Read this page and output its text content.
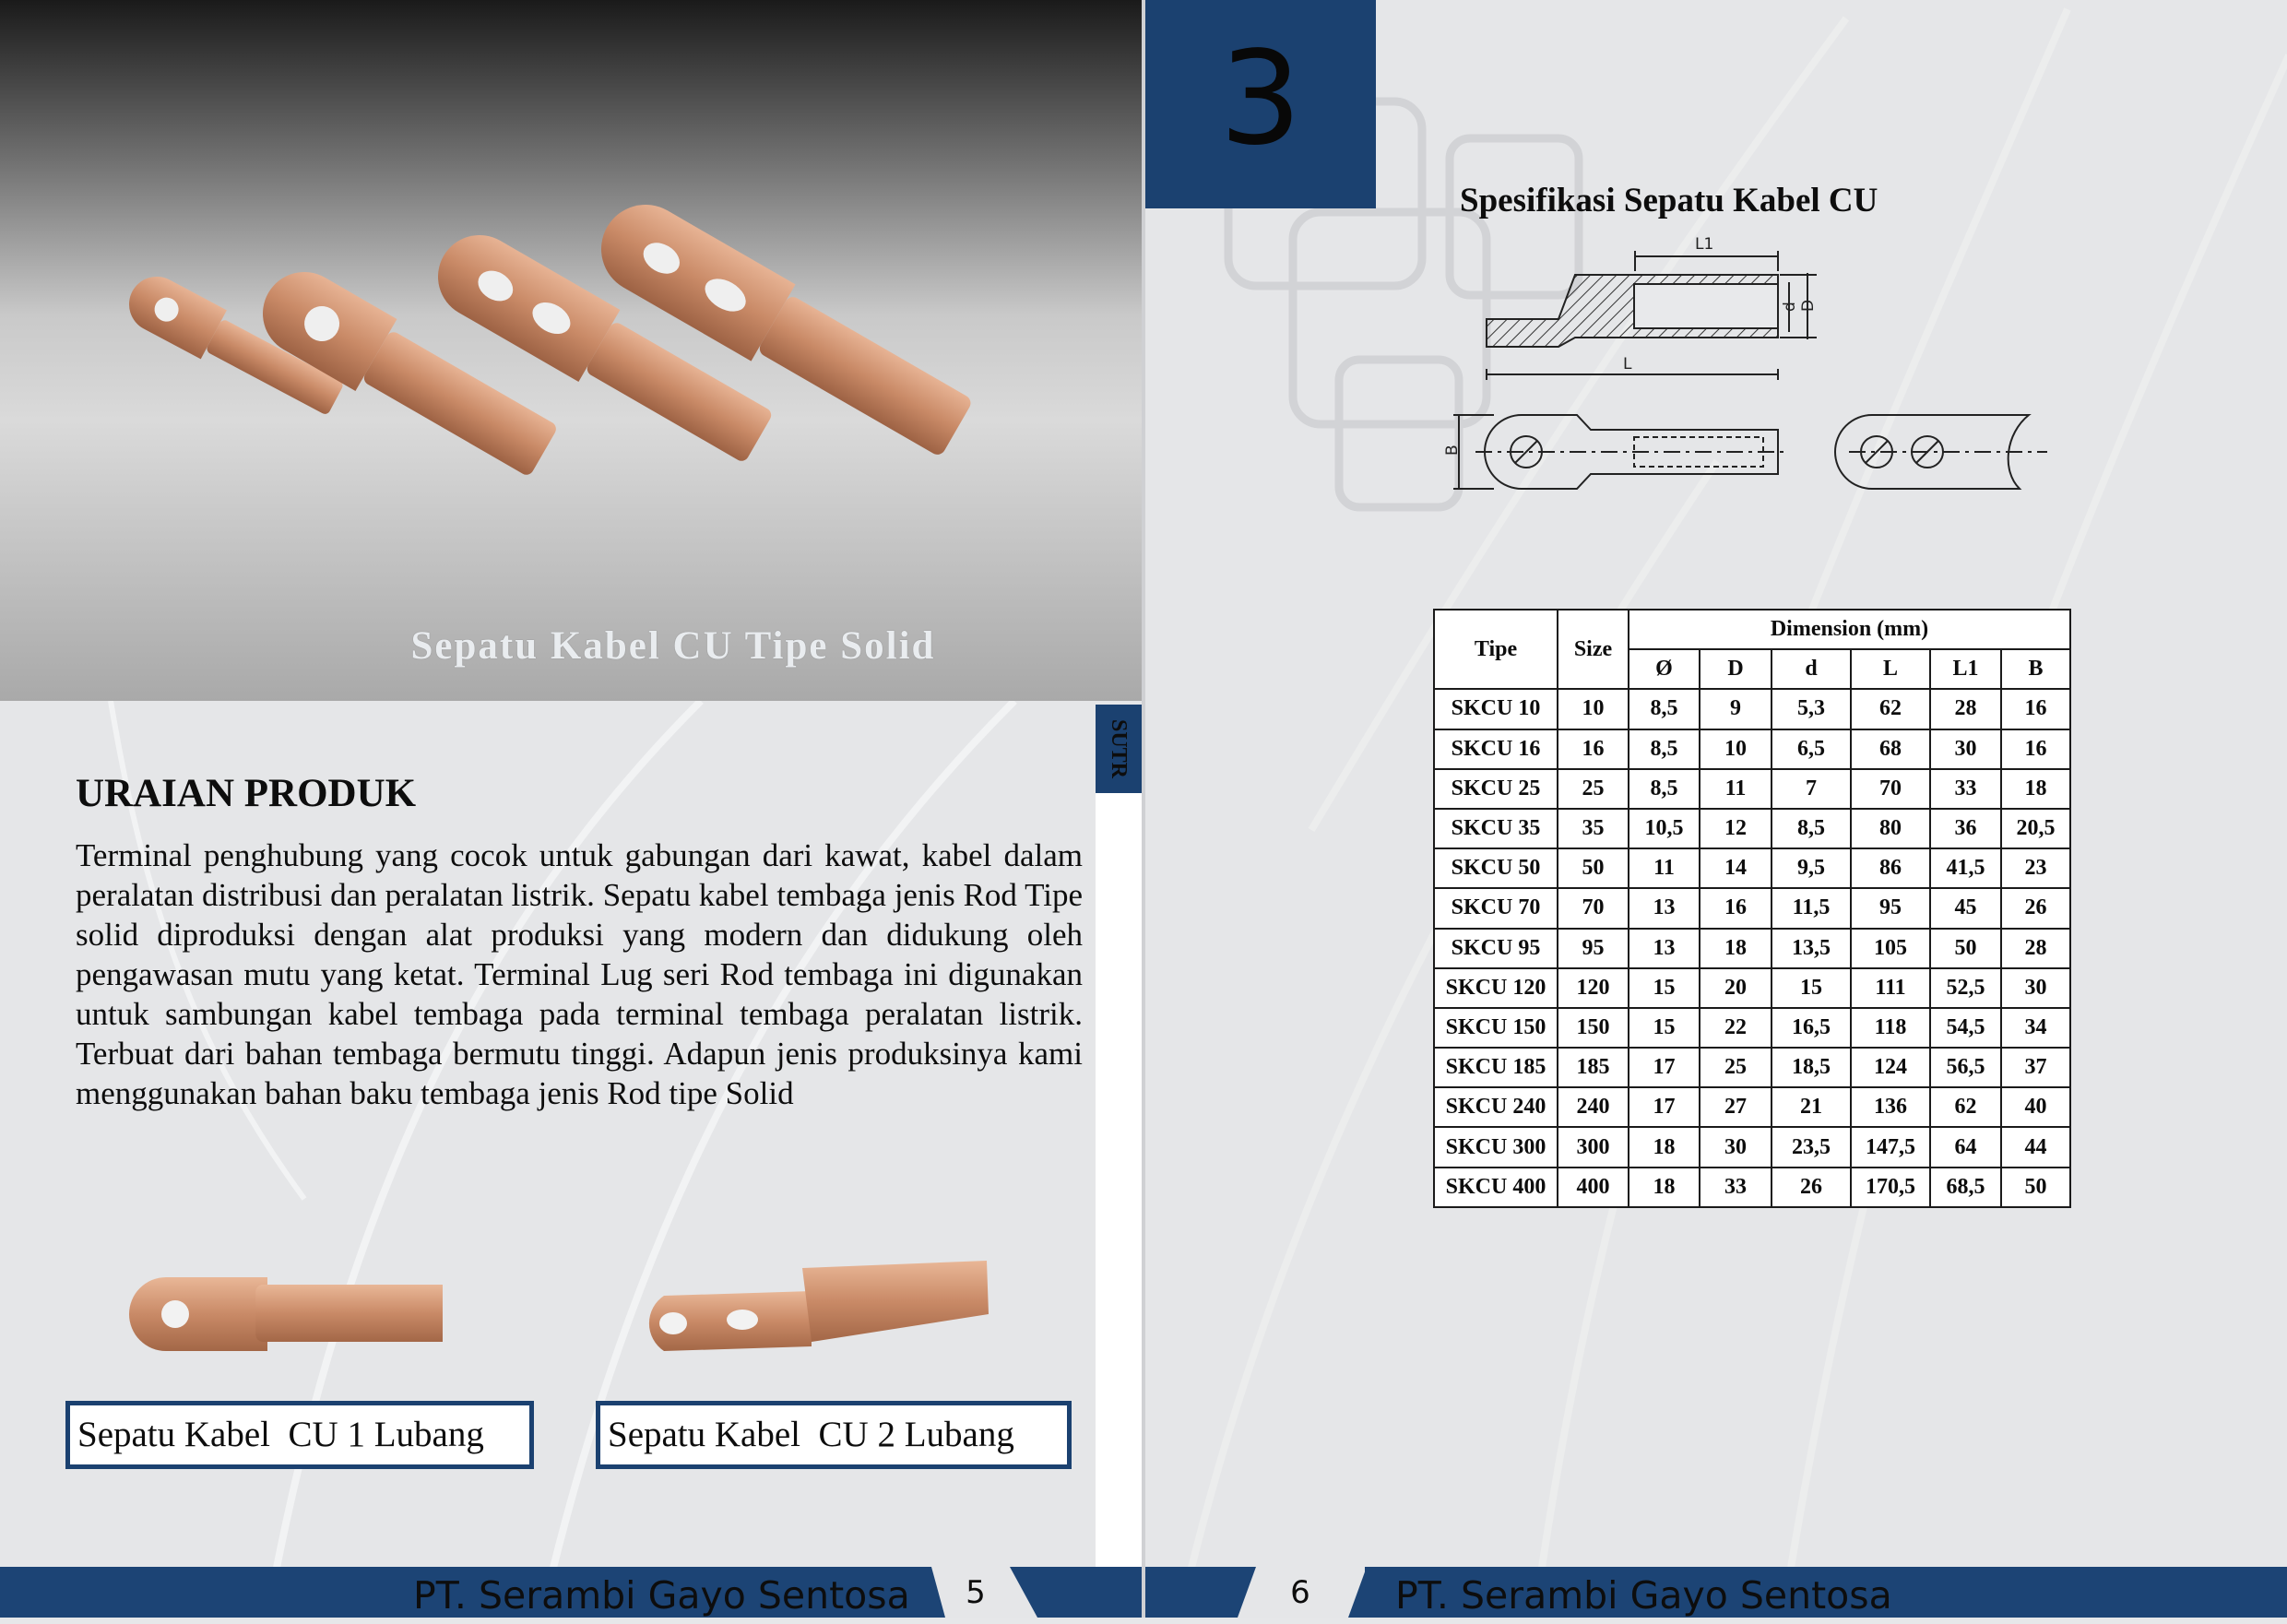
Sepatu Kabel CU Tipe Solid
SUTR
URAIAN PRODUK

Terminal penghubung yang cocok untuk gabungan dari kawat, kabel dalam peralatan distribusi dan peralatan listrik. Sepatu kabel tembaga jenis Rod Tipe solid diproduksi dengan alat produksi yang modern dan didukung oleh pengawasan mutu yang ketat. Terminal Lug seri Rod tembaga ini digunakan untuk sambungan kabel tembaga pada terminal tembaga peralatan listrik. Terbuat dari bahan tembaga bermutu tinggi. Adapun jenis produksinya kami menggunakan bahan baku tembaga jenis Rod tipe Solid

Sepatu Kabel  CU 1 Lubang	Sepatu Kabel  CU 2 Lubang
PT. Serambi Gayo Sentosa 5
3
Spesifikasi Sepatu Kabel CU
L1
L
d D
B
Tipe	Size	Dimension (mm)					
		Ø	D	d	L	L1	B
SKCU 10	10	8,5	9	5,3	62	28	16
SKCU 16	16	8,5	10	6,5	68	30	16
SKCU 25	25	8,5	11	7	70	33	18
SKCU 35	35	10,5	12	8,5	80	36	20,5
SKCU 50	50	11	14	9,5	86	41,5	23
SKCU 70	70	13	16	11,5	95	45	26
SKCU 95	95	13	18	13,5	105	50	28
SKCU 120	120	15	20	15	111	52,5	30
SKCU 150	150	15	22	16,5	118	54,5	34
SKCU 185	185	17	25	18,5	124	56,5	37
SKCU 240	240	17	27	21	136	62	40
SKCU 300	300	18	30	23,5	147,5	64	44
SKCU 400	400	18	33	26	170,5	68,5	50
6 PT. Serambi Gayo Sentosa
